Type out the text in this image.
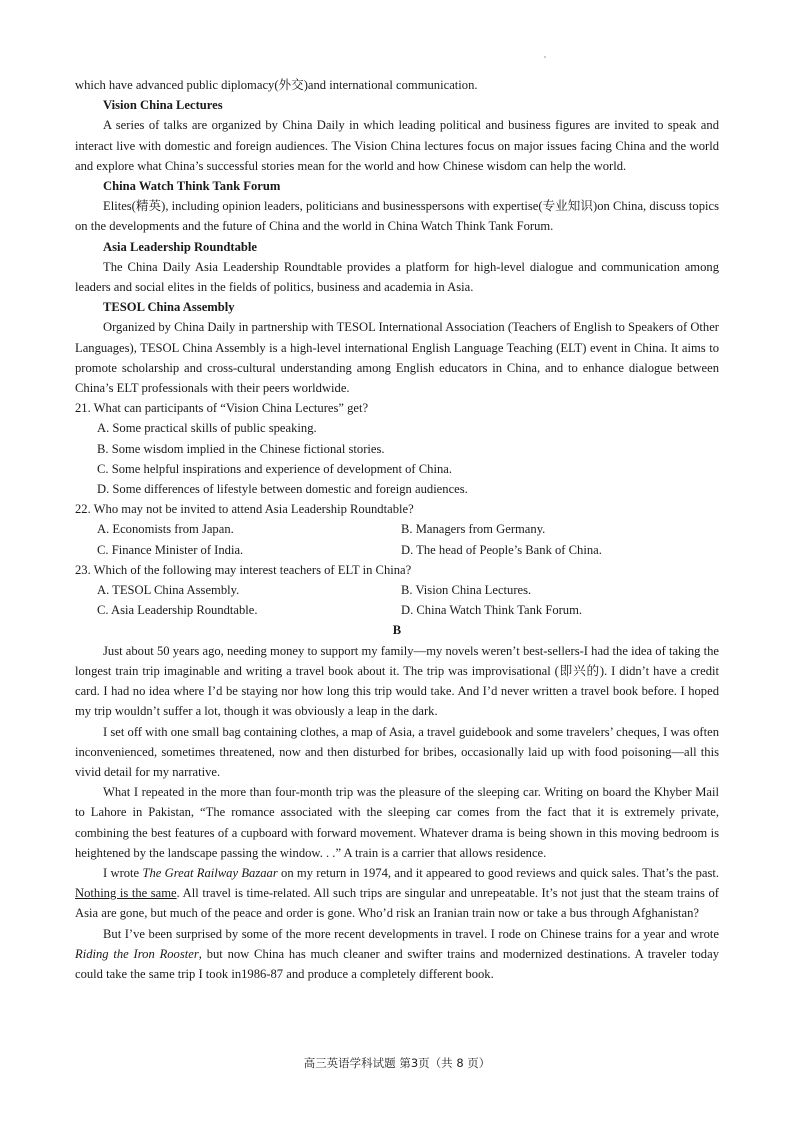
which have advanced public diplomacy(外交)and international communication.

Vision China Lectures

A series of talks are organized by China Daily in which leading political and business figures are invited to speak and interact live with domestic and foreign audiences. The Vision China lectures focus on major issues facing China and the world and explore what China’s successful stories mean for the world and how Chinese wisdom can help the world.

China Watch Think Tank Forum

Elites(精英), including opinion leaders, politicians and businesspersons with expertise(专业知识)on China, discuss topics on the developments and the future of China and the world in China Watch Think Tank Forum.

Asia Leadership Roundtable

The China Daily Asia Leadership Roundtable provides a platform for high-level dialogue and communication among leaders and social elites in the fields of politics, business and academia in Asia.

TESOL China Assembly

Organized by China Daily in partnership with TESOL International Association (Teachers of English to Speakers of Other Languages), TESOL China Assembly is a high-level international English Language Teaching (ELT) event in China. It aims to promote scholarship and cross-cultural understanding among English educators in China, and to enhance dialogue between China’s ELT professionals with their peers worldwide.

21. What can participants of “Vision China Lectures” get?

A. Some practical skills of public speaking.

B. Some wisdom implied in the Chinese fictional stories.

C. Some helpful inspirations and experience of development of China.

D. Some differences of lifestyle between domestic and foreign audiences.

22. Who may not be invited to attend Asia Leadership Roundtable?

A. Economists from Japan.	B. Managers from Germany.
C. Finance Minister of India.	D. The head of People’s Bank of China.

23. Which of the following may interest teachers of ELT in China?

A. TESOL China Assembly.	B. Vision China Lectures.
C. Asia Leadership Roundtable.	D. China Watch Think Tank Forum.

B

Just about 50 years ago, needing money to support my family—my novels weren’t best-sellers-I had the idea of taking the longest train trip imaginable and writing a travel book about it. The trip was improvisational (即兴的). I didn’t have a credit card. I had no idea where I’d be staying nor how long this trip would take. And I’d never written a travel book before. I hoped my trip wouldn’t suffer a lot, though it was obviously a leap in the dark.

I set off with one small bag containing clothes, a map of Asia, a travel guidebook and some travelers’ cheques, I was often inconvenienced, sometimes threatened, now and then disturbed for bribes, occasionally laid up with food poisoning—all this vivid detail for my narrative.

What I repeated in the more than four-month trip was the pleasure of the sleeping car. Writing on board the Khyber Mail to Lahore in Pakistan, “The romance associated with the sleeping car comes from the fact that it is extremely private, combining the best features of a cupboard with forward movement. Whatever drama is being shown in this moving bedroom is heightened by the landscape passing the window. . .” A train is a carrier that allows residence.

I wrote The Great Railway Bazaar on my return in 1974, and it appeared to good reviews and quick sales. That’s the past. Nothing is the same. All travel is time-related. All such trips are singular and unrepeatable. It’s not just that the steam trains of Asia are gone, but much of the peace and order is gone. Who’d risk an Iranian train now or take a bus through Afghanistan?

But I’ve been surprised by some of the more recent developments in travel. I rode on Chinese trains for a year and wrote Riding the Iron Rooster, but now China has much cleaner and swifter trains and modernized destinations. A traveler today could take the same trip I took in1986-87 and produce a completely different book.

高三英语学科试题 第3页（共 8 页）
